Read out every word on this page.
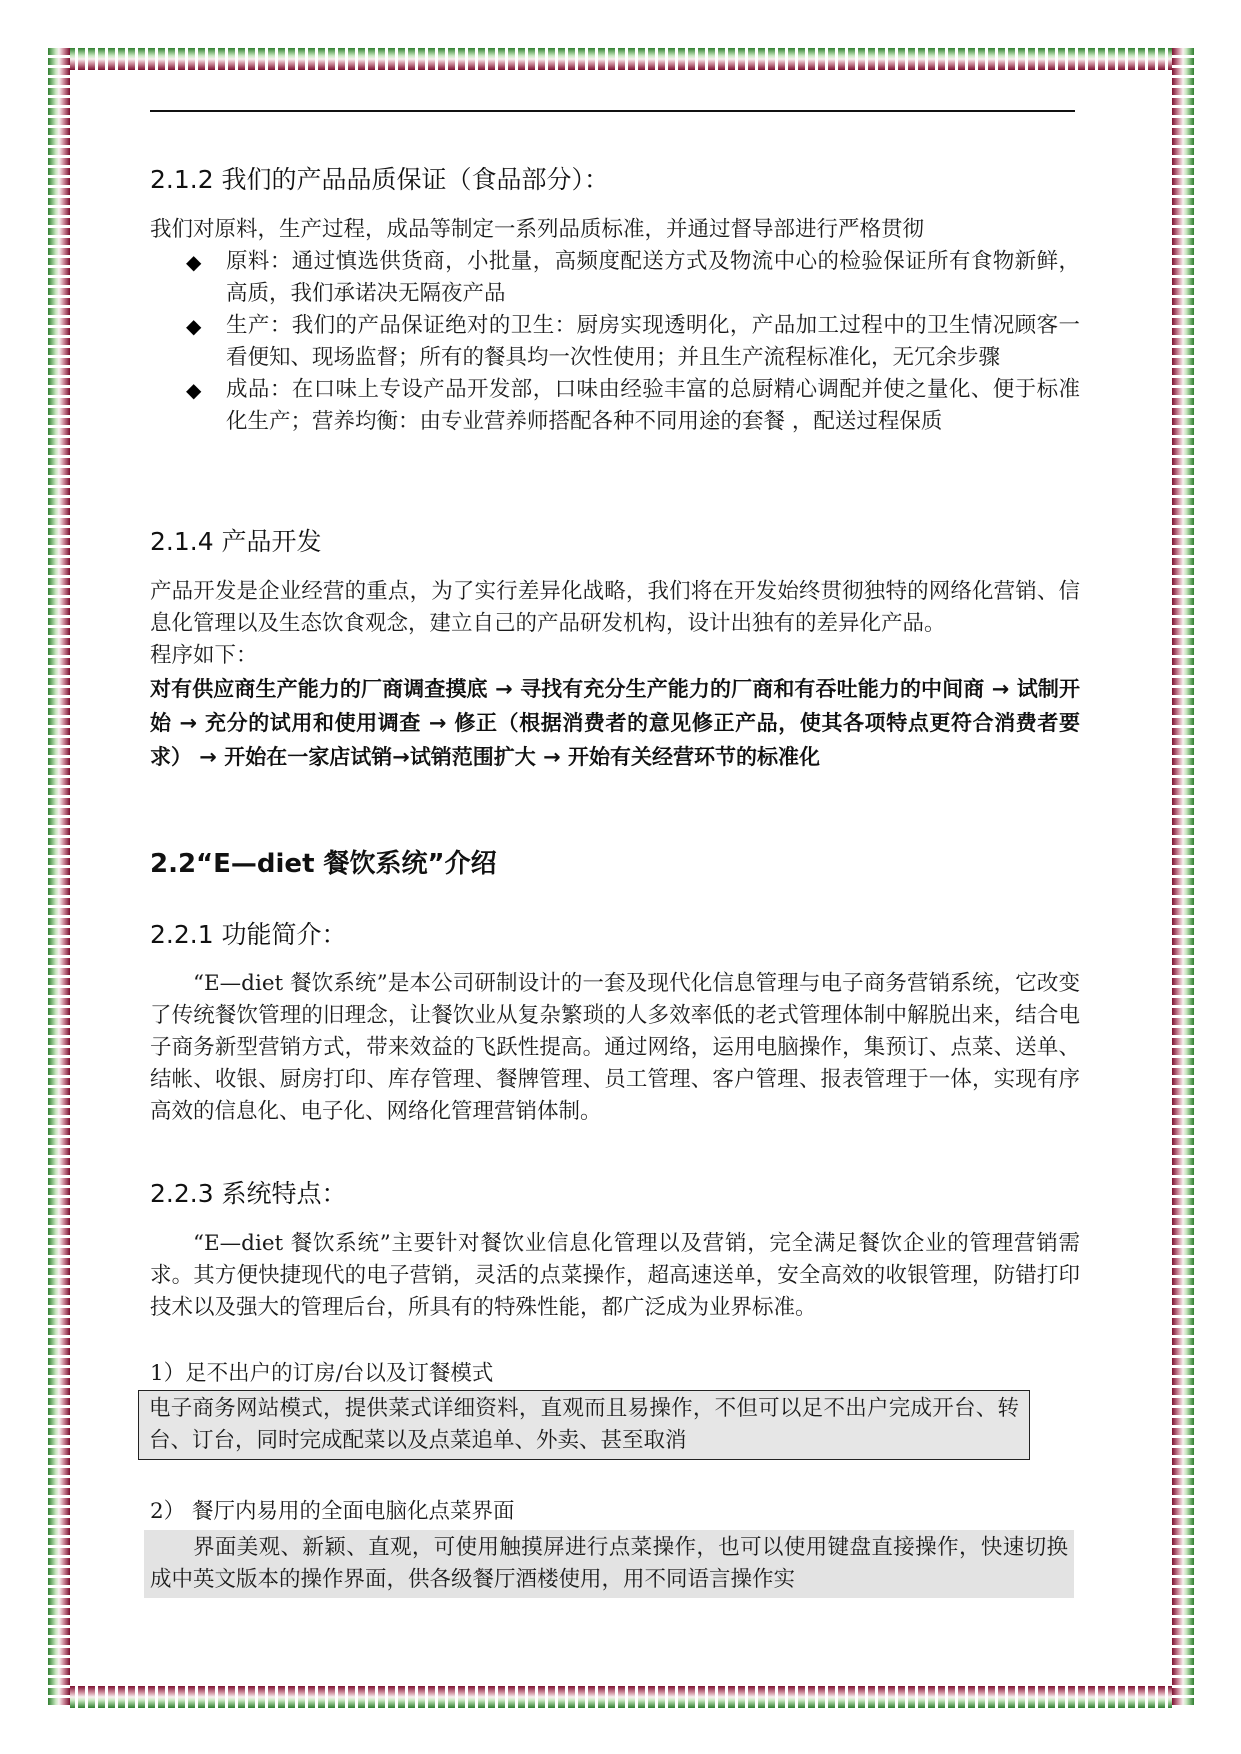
2.1.2 我们的产品品质保证（食品部分）：

我们对原料，生产过程，成品等制定一系列品质标准，并通过督导部进行严格贯彻

◆ 原料：通过慎选供货商，小批量，高频度配送方式及物流中心的检验保证所有食物新鲜，高质，我们承诺决无隔夜产品
◆ 生产：我们的产品保证绝对的卫生：厨房实现透明化，产品加工过程中的卫生情况顾客一看便知、现场监督；所有的餐具均一次性使用；并且生产流程标准化，无冗余步骤
◆ 成品：在口味上专设产品开发部，口味由经验丰富的总厨精心调配并使之量化、便于标准化生产；营养均衡：由专业营养师搭配各种不同用途的套餐 ，配送过程保质
2.1.4 产品开发

产品开发是企业经营的重点，为了实行差异化战略，我们将在开发始终贯彻独特的网络化营销、信息化管理以及生态饮食观念，建立自己的产品研发机构，设计出独有的差异化产品。

程序如下：

对有供应商生产能力的厂商调查摸底 → 寻找有充分生产能力的厂商和有吞吐能力的中间商 → 试制开始 → 充分的试用和使用调查 → 修正（根据消费者的意见修正产品，使其各项特点更符合消费者要求） → 开始在一家店试销→试销范围扩大 → 开始有关经营环节的标准化

2.2“E—diet 餐饮系统”介绍
2.2.1 功能简介：

“E—diet 餐饮系统”是本公司研制设计的一套及现代化信息管理与电子商务营销系统，它改变了传统餐饮管理的旧理念，让餐饮业从复杂繁琐的人多效率低的老式管理体制中解脱出来，结合电子商务新型营销方式，带来效益的飞跃性提高。通过网络，运用电脑操作，集预订、点菜、送单、结帐、收银、厨房打印、库存管理、餐牌管理、员工管理、客户管理、报表管理于一体，实现有序高效的信息化、电子化、网络化管理营销体制。

2.2.3 系统特点：

“E—diet 餐饮系统”主要针对餐饮业信息化管理以及营销，完全满足餐饮企业的管理营销需求。其方便快捷现代的电子营销，灵活的点菜操作，超高速送单，安全高效的收银管理，防错打印技术以及强大的管理后台，所具有的特殊性能，都广泛成为业界标准。

1）足不出户的订房/台以及订餐模式

电子商务网站模式，提供菜式详细资料，直观而且易操作，不但可以足不出户完成开台、转台、订台，同时完成配菜以及点菜追单、外卖、甚至取消

2） 餐厅内易用的全面电脑化点菜界面

界面美观、新颖、直观，可使用触摸屏进行点菜操作，也可以使用键盘直接操作，快速切换成中英文版本的操作界面，供各级餐厅酒楼使用，用不同语言操作实
